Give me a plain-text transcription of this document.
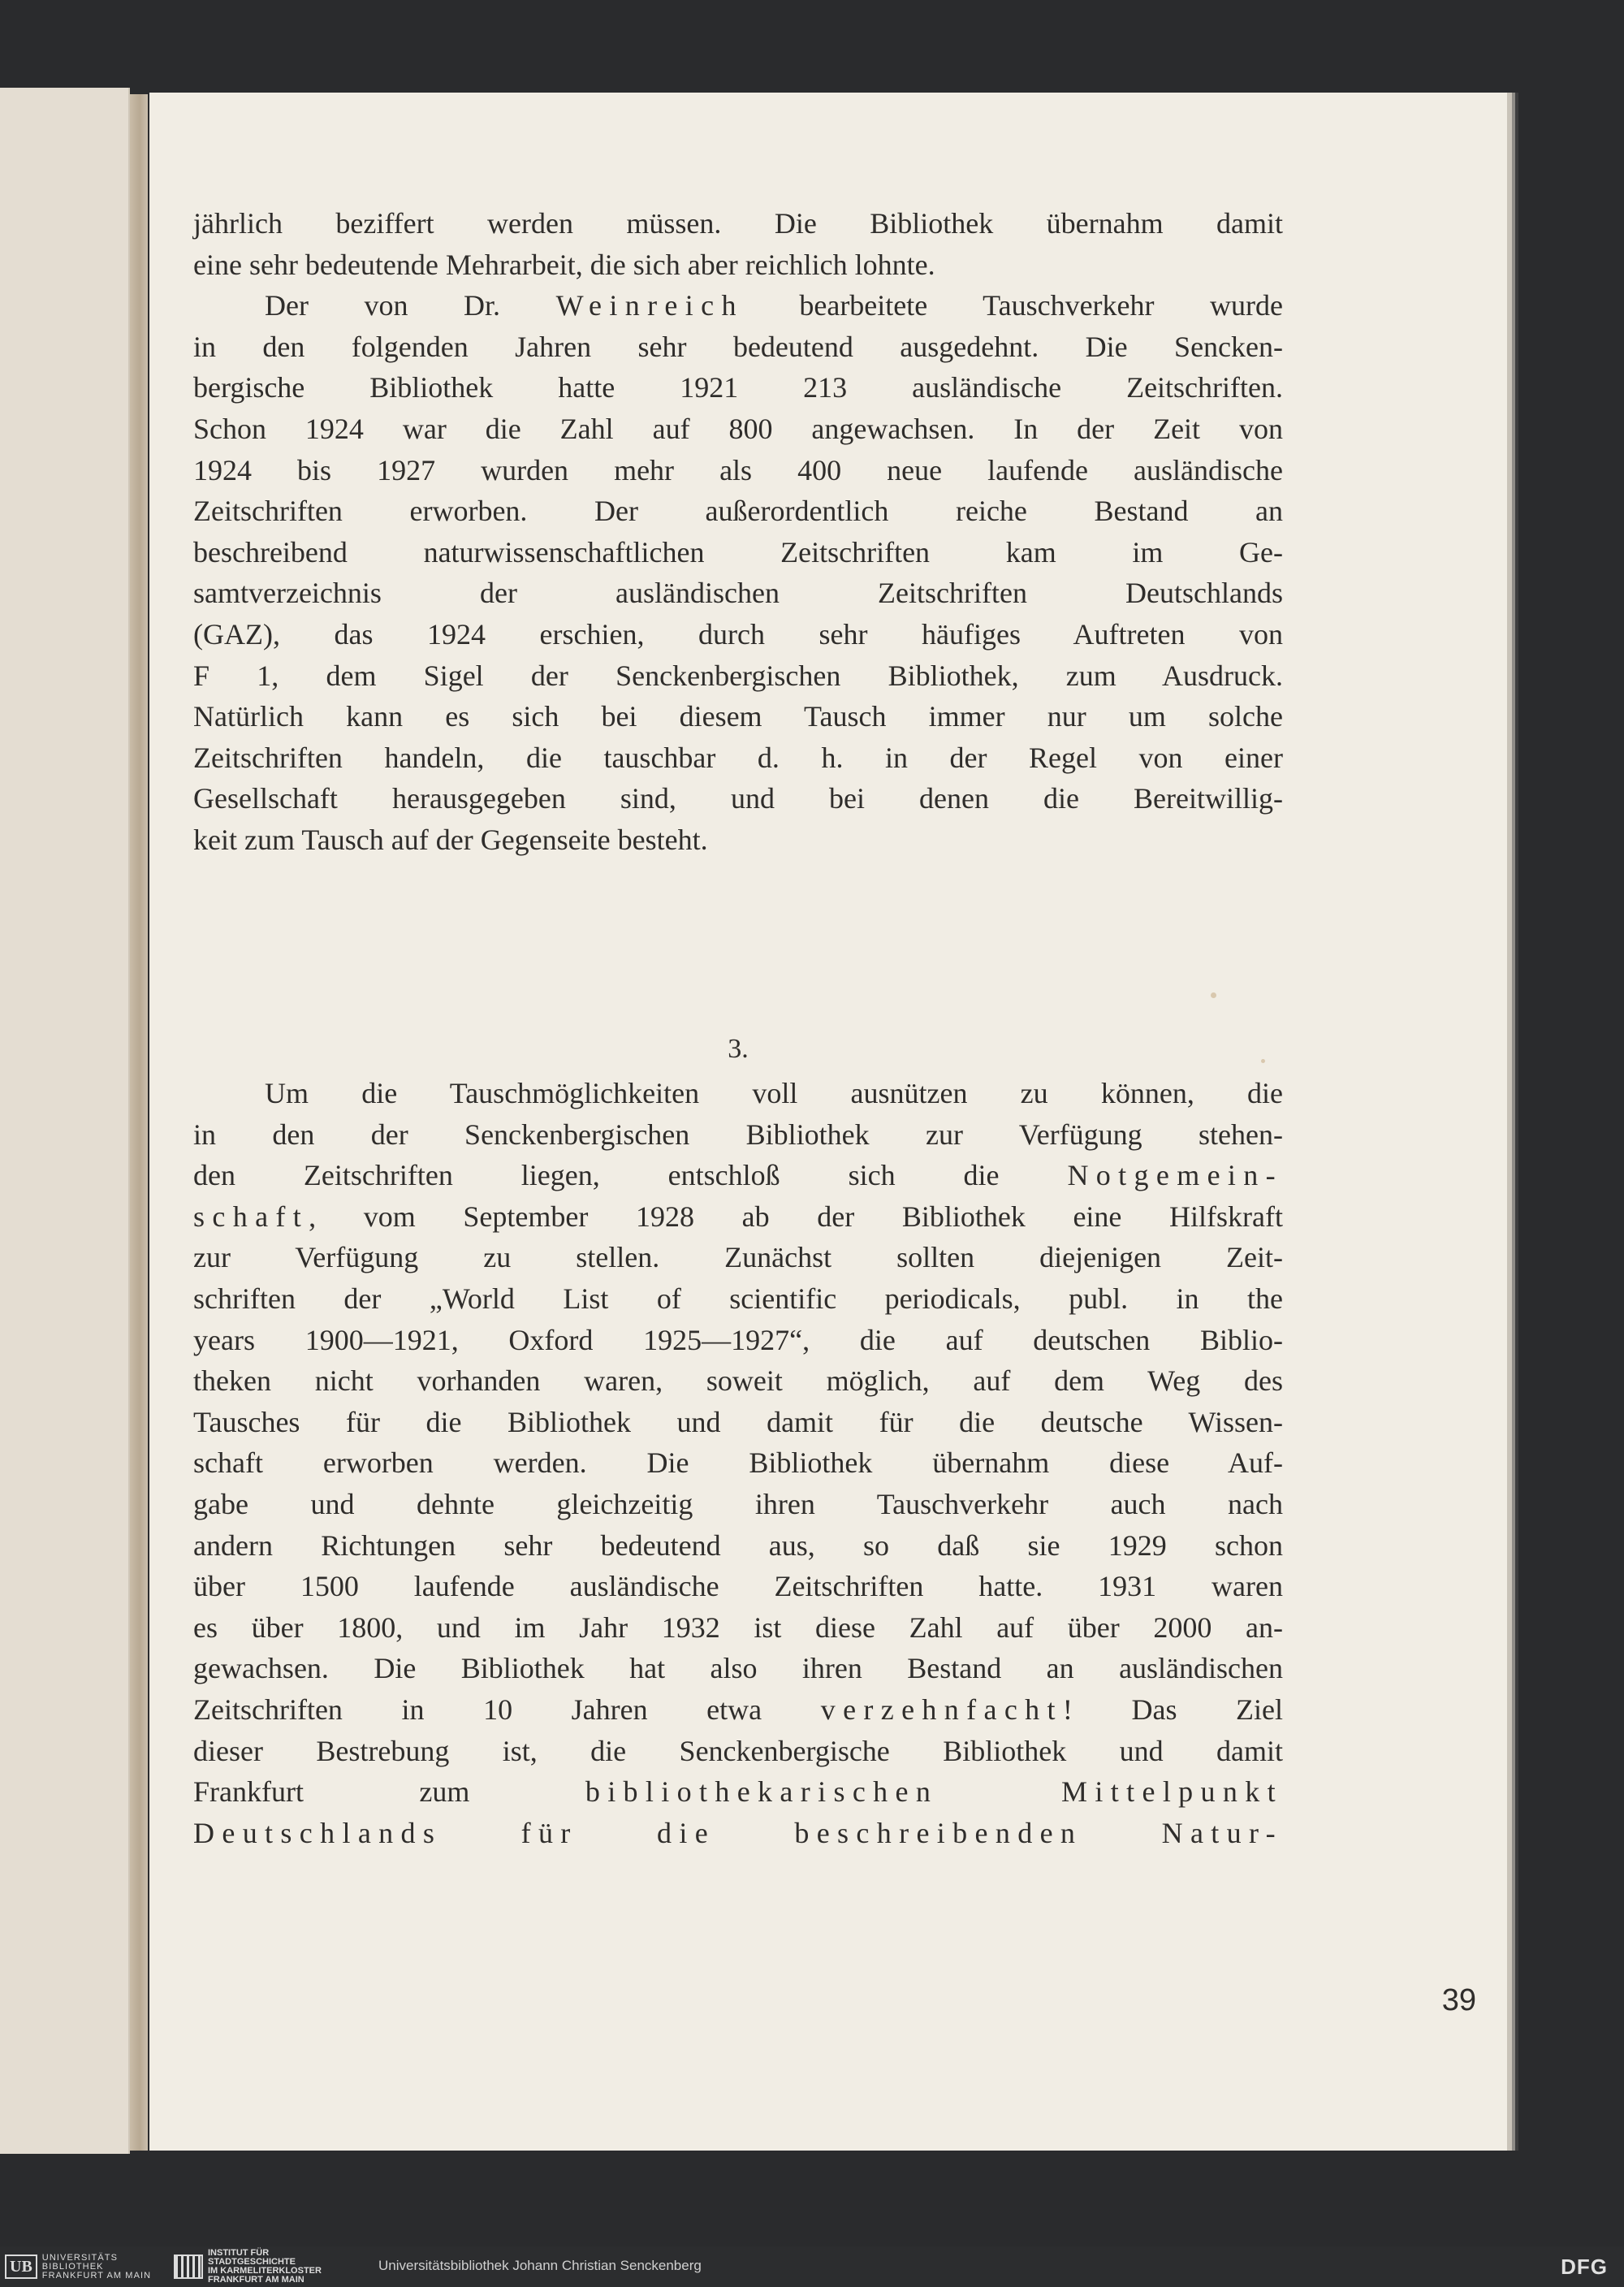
jährlich beziffert werden müssen. Die Bibliothek übernahm damit

eine sehr bedeutende Mehrarbeit, die sich aber reichlich lohnte.

Der von Dr. Weinreich bearbeitete Tauschverkehr wurde

in den folgenden Jahren sehr bedeutend ausgedehnt. Die Sencken-

bergische Bibliothek hatte 1921 213 ausländische Zeitschriften.

Schon 1924 war die Zahl auf 800 angewachsen. In der Zeit von

1924 bis 1927 wurden mehr als 400 neue laufende ausländische

Zeitschriften erworben. Der außerordentlich reiche Bestand an

beschreibend naturwissenschaftlichen Zeitschriften kam im Ge-

samtverzeichnis der ausländischen Zeitschriften Deutschlands

(GAZ), das 1924 erschien, durch sehr häufiges Auftreten von

F 1, dem Sigel der Senckenbergischen Bibliothek, zum Ausdruck.

Natürlich kann es sich bei diesem Tausch immer nur um solche

Zeitschriften handeln, die tauschbar d. h. in der Regel von einer

Gesellschaft herausgegeben sind, und bei denen die Bereitwillig-

keit zum Tausch auf der Gegenseite besteht.

3.

Um die Tauschmöglichkeiten voll ausnützen zu können, die

in den der Senckenbergischen Bibliothek zur Verfügung stehen-

den Zeitschriften liegen, entschloß sich die Notgemein-

schaft, vom September 1928 ab der Bibliothek eine Hilfskraft

zur Verfügung zu stellen. Zunächst sollten diejenigen Zeit-

schriften der „World List of scientific periodicals, publ. in the

years 1900—1921, Oxford 1925—1927“, die auf deutschen Biblio-

theken nicht vorhanden waren, soweit möglich, auf dem Weg des

Tausches für die Bibliothek und damit für die deutsche Wissen-

schaft erworben werden. Die Bibliothek übernahm diese Auf-

gabe und dehnte gleichzeitig ihren Tauschverkehr auch nach

andern Richtungen sehr bedeutend aus, so daß sie 1929 schon

über 1500 laufende ausländische Zeitschriften hatte. 1931 waren

es über 1800, und im Jahr 1932 ist diese Zahl auf über 2000 an-

gewachsen. Die Bibliothek hat also ihren Bestand an ausländischen

Zeitschriften in 10 Jahren etwa verzehnfacht! Das Ziel

dieser Bestrebung ist, die Senckenbergische Bibliothek und damit

Frankfurt zum bibliothekarischen Mittelpunkt

Deutschlands für die beschreibenden Natur-

39
UB
UNIVERSITÄTS
BIBLIOTHEK
FRANKFURT AM MAIN
INSTITUT FÜR
STADTGESCHICHTE
IM KARMELITERKLOSTER
FRANKFURT AM MAIN
Universitätsbibliothek Johann Christian Senckenberg	DFG
